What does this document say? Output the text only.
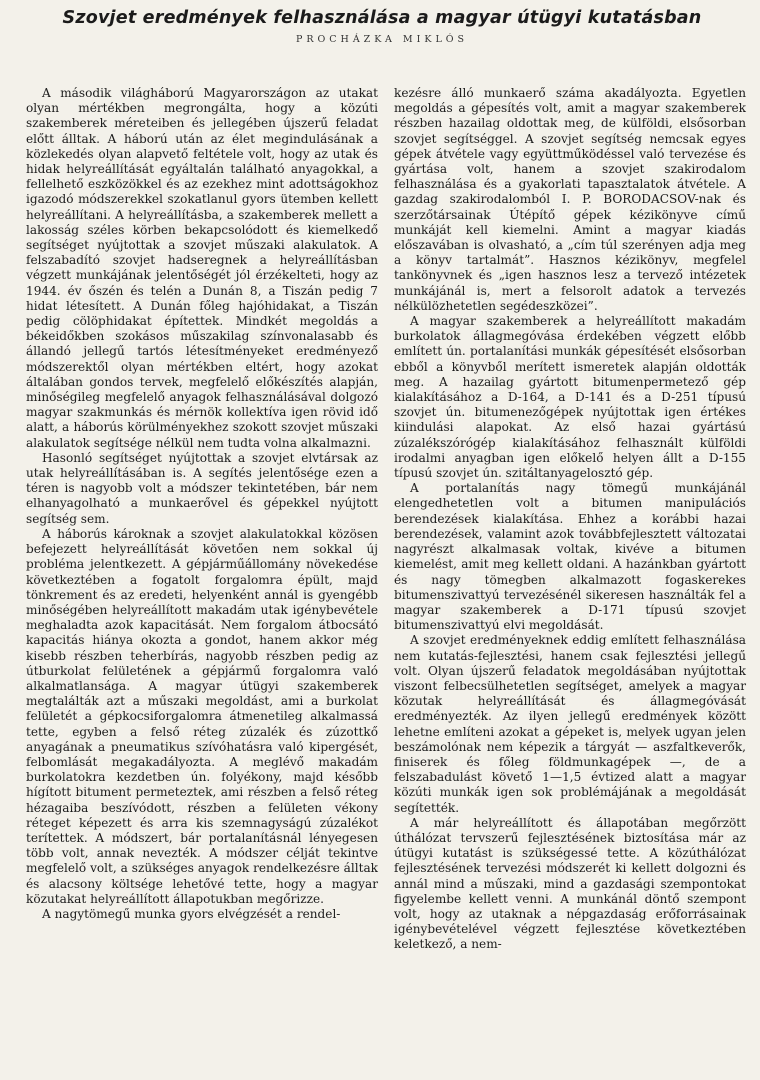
Szovjet eredmények felhasználása a magyar útügyi kutatásban
PROCHÁZKA MIKLÓS

A második világháború Magyarországon az utakat olyan mértékben megrongálta, hogy a közúti szakemberek méreteiben és jellegében újszerű feladat előtt álltak. A háború után az élet megindulásának a közlekedés olyan alapvető feltétele volt, hogy az utak és hidak helyreállítását egyáltalán található anyagokkal, a fellelhető eszközökkel és az ezekhez mint adottságokhoz igazodó módszerekkel szokatlanul gyors ütemben kellett helyreállítani. A helyreállításba, a szakemberek mellett a lakosság széles körben bekapcsolódott és kiemelkedő segítséget nyújtottak a szovjet műszaki alakulatok. A felszabadító szovjet hadseregnek a helyreállításban végzett munkájának jelentőségét jól érzékelteti, hogy az 1944. év őszén és telén a Dunán 8, a Tiszán pedig 7 hidat létesített. A Dunán főleg hajóhidakat, a Tiszán pedig cölöphidakat építettek. Mindkét megoldás a békeidőkben szokásos műszakilag színvonalasabb és állandó jellegű tartós létesítményeket eredményező módszerektől olyan mértékben eltért, hogy azokat általában gondos tervek, megfelelő előkészítés alapján, minőségileg megfelelő anyagok felhasználásával dolgozó magyar szakmunkás és mérnök kollektíva igen rövid idő alatt, a háborús körülményekhez szokott szovjet műszaki alakulatok segítsége nélkül nem tudta volna alkalmazni.

Hasonló segítséget nyújtottak a szovjet elvtársak az utak helyreállításában is. A segítés jelentősége ezen a téren is nagyobb volt a módszer tekintetében, bár nem elhanyagolható a munkaerővel és gépekkel nyújtott segítség sem.

A háborús károknak a szovjet alakulatokkal közösen befejezett helyreállítását követően nem sokkal új probléma jelentkezett. A gépjárműállomány növekedése következtében a fogatolt forgalomra épült, majd tönkrement és az eredeti, helyenként annál is gyengébb minőségében helyreállított makadám utak igénybevétele meghaladta azok kapacitását. Nem forgalom átbocsátó kapacitás hiánya okozta a gondot, hanem akkor még kisebb részben teherbírás, nagyobb részben pedig az útburkolat felületének a gépjármű forgalomra való alkalmatlansága. A magyar útügyi szakemberek megtalálták azt a műszaki megoldást, ami a burkolat felületét a gépkocsiforgalomra átmenetileg alkalmassá tette, egyben a felső réteg zúzalék és zúzottkő anyagának a pneumatikus szívóhatásra való kipergését, felbomlását megakadályozta. A meglévő makadám burkolatokra kezdetben ún. folyékony, majd később hígított bitument permeteztek, ami részben a felső réteg hézagaiba beszívódott, részben a felületen vékony réteget képezett és arra kis szemnagyságú zúzalékot terítettek. A módszert, bár portalanításnál lényegesen több volt, annak nevezték. A módszer célját tekintve megfelelő volt, a szükséges anyagok rendelkezésre álltak és alacsony költsége lehetővé tette, hogy a magyar közutakat helyreállított állapotukban megőrizze.

A nagytömegű munka gyors elvégzését a rendel-

kezésre álló munkaerő száma akadályozta. Egyetlen megoldás a gépesítés volt, amit a magyar szakemberek részben hazailag oldottak meg, de külföldi, elsősorban szovjet segítséggel. A szovjet segítség nemcsak egyes gépek átvétele vagy együttműködéssel való tervezése és gyártása volt, hanem a szovjet szakirodalom felhasználása és a gyakorlati tapasztalatok átvétele. A gazdag szakirodalomból I. P. BORODACSOV-nak és szerzőtársainak Útépítő gépek kézikönyve című munkáját kell kiemelni. Amint a magyar kiadás előszavában is olvasható, a „cím túl szerényen adja meg a könyv tartalmát”. Hasznos kézikönyv, megfelel tankönyvnek és „igen hasznos lesz a tervező intézetek munkájánál is, mert a felsorolt adatok a tervezés nélkülözhetetlen segédeszközei”.

A magyar szakemberek a helyreállított makadám burkolatok állagmegóvása érdekében végzett előbb említett ún. portalanítási munkák gépesítését elsősorban ebből a könyvből merített ismeretek alapján oldották meg. A hazailag gyártott bitumenpermetező gép kialakításához a D-164, a D-141 és a D-251 típusú szovjet ún. bitumenezőgépek nyújtottak igen értékes kiindulási alapokat. Az első hazai gyártású zúzalékszórógép kialakításához felhasznált külföldi irodalmi anyagban igen előkelő helyen állt a D-155 típusú szovjet ún. szitáltanyagelosztó gép.

A portalanítás nagy tömegű munkájánál elengedhetetlen volt a bitumen manipulációs berendezések kialakítása. Ehhez a korábbi hazai berendezések, valamint azok továbbfejlesztett változatai nagyrészt alkalmasak voltak, kivéve a bitumen kiemelést, amit meg kellett oldani. A hazánkban gyártott és nagy tömegben alkalmazott fogaskerekes bitumenszivattyú tervezésénél sikeresen használták fel a magyar szakemberek a D-171 típusú szovjet bitumenszivattyú elvi megoldását.

A szovjet eredményeknek eddig említett felhasználása nem kutatás-fejlesztési, hanem csak fejlesztési jellegű volt. Olyan újszerű feladatok megoldásában nyújtottak viszont felbecsülhetetlen segítséget, amelyek a magyar közutak helyreállítását és állagmegóvását eredményezték. Az ilyen jellegű eredmények között lehetne említeni azokat a gépeket is, melyek ugyan jelen beszámolónak nem képezik a tárgyát — aszfaltkeverők, finiserek és főleg földmunkagépek —, de a felszabadulást követő 1—1,5 évtized alatt a magyar közúti munkák igen sok problémájának a megoldását segítették.

A már helyreállított és állapotában megőrzött úthálózat tervszerű fejlesztésének biztosítása már az útügyi kutatást is szükségessé tette. A közúthálózat fejlesztésének tervezési módszerét ki kellett dolgozni és annál mind a műszaki, mind a gazdasági szempontokat figyelembe kellett venni. A munkánál döntő szempont volt, hogy az utaknak a népgazdaság erőforrásainak igénybevételével végzett fejlesztése következtében keletkező, a nem-
